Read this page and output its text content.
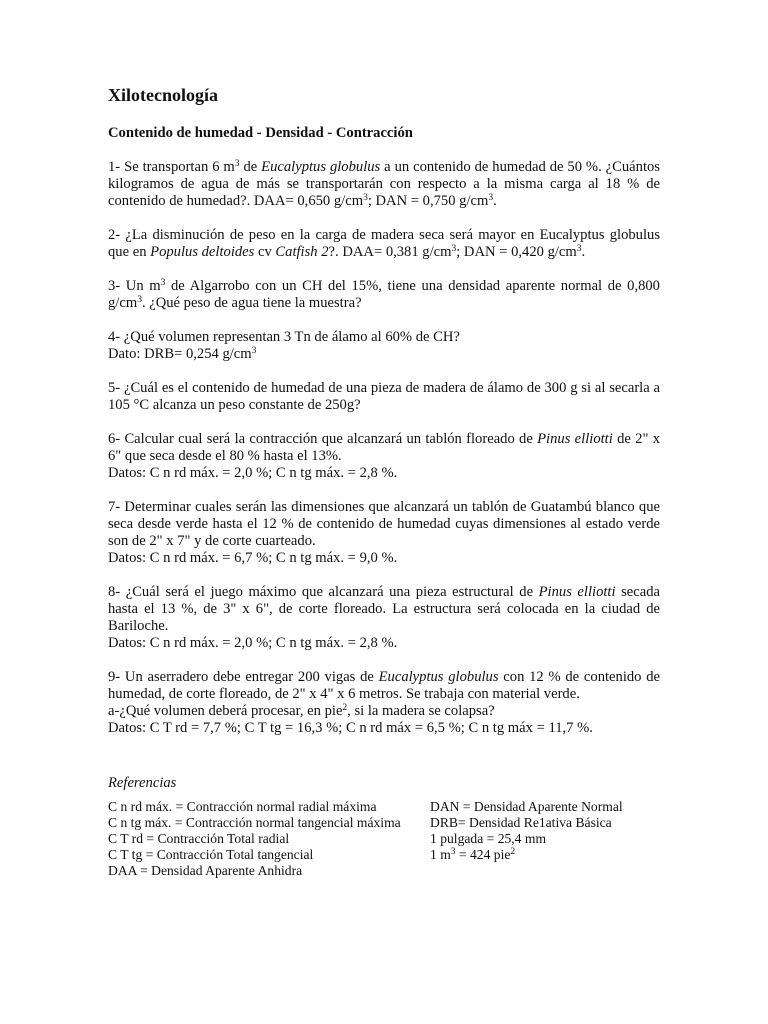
Xilotecnología
Contenido de humedad - Densidad - Contracción
1- Se transportan 6 $m^3$ de Eucalyptus globulus a un contenido de humedad de 50 %. ¿Cuántos kilogramos de agua de más se transportarán con respecto a la misma carga al 18 % de contenido de humedad?. DAA= 0,650 $g/cm^3$; DAN = 0,750 $g/cm^3$.
2- ¿La disminución de peso en la carga de madera seca será mayor en Eucalyptus globulus que en Populus deltoides cv Catfish 2?. DAA= 0,381 $g/cm^3$; DAN = 0,420 $g/cm^3$.
3- Un $m^3$ de Algarrobo con un CH del 15%, tiene una densidad aparente normal de 0,800 $g/cm^3$. ¿Qué peso de agua tiene la muestra?

4- ¿Qué volumen representan 3 Tn de álamo al 60% de CH?

Dato: DRB= 0,254 $g/cm^3$

5- ¿Cuál es el contenido de humedad de una pieza de madera de álamo de 300 g si al secarla a 105 °C alcanza un peso constante de 250g?

6- Calcular cual será la contracción que alcanzará un tablón floreado de Pinus elliotti de 2" x 6" que seca desde el 80 % hasta el 13%.

Datos: C n rd máx. = 2,0 %; C n tg máx. = 2,8 %.

7- Determinar cuales serán las dimensiones que alcanzará un tablón de Guatambú blanco que seca desde verde hasta el 12 % de contenido de humedad cuyas dimensiones al estado verde son de 2" x 7" y de corte cuarteado.

Datos: C n rd máx. = 6,7 %; C n tg máx. = 9,0 %.

8- ¿Cuál será el juego máximo que alcanzará una pieza estructural de Pinus elliotti secada hasta el 13 %, de 3" x 6", de corte floreado. La estructura será colocada en la ciudad de Bariloche.

Datos: C n rd máx. = 2,0 %; C n tg máx. = 2,8 %.

9- Un aserradero debe entregar 200 vigas de Eucalyptus globulus con 12 % de contenido de humedad, de corte floreado, de 2" x 4" x 6 metros. Se trabaja con material verde.

a-¿Qué volumen deberá procesar, en pie$^2$, si la madera se colapsa?

Datos: C T rd = 7,7 %; C T tg = 16,3 %; C n rd máx = 6,5 %; C n tg máx = 11,7 %.

Referencias
C n rd máx. = Contracción normal radial máxima	DAN = Densidad Aparente Normal
C n tg máx. = Contracción normal tangencial máxima	DRB= Densidad Re1ativa Básica
C T rd = Contracción Total radial	1 pulgada = 25,4 mm
C T tg = Contracción Total tangencial	1 $m^3 = 424$ pie$^2$
DAA = Densidad Aparente Anhidra
